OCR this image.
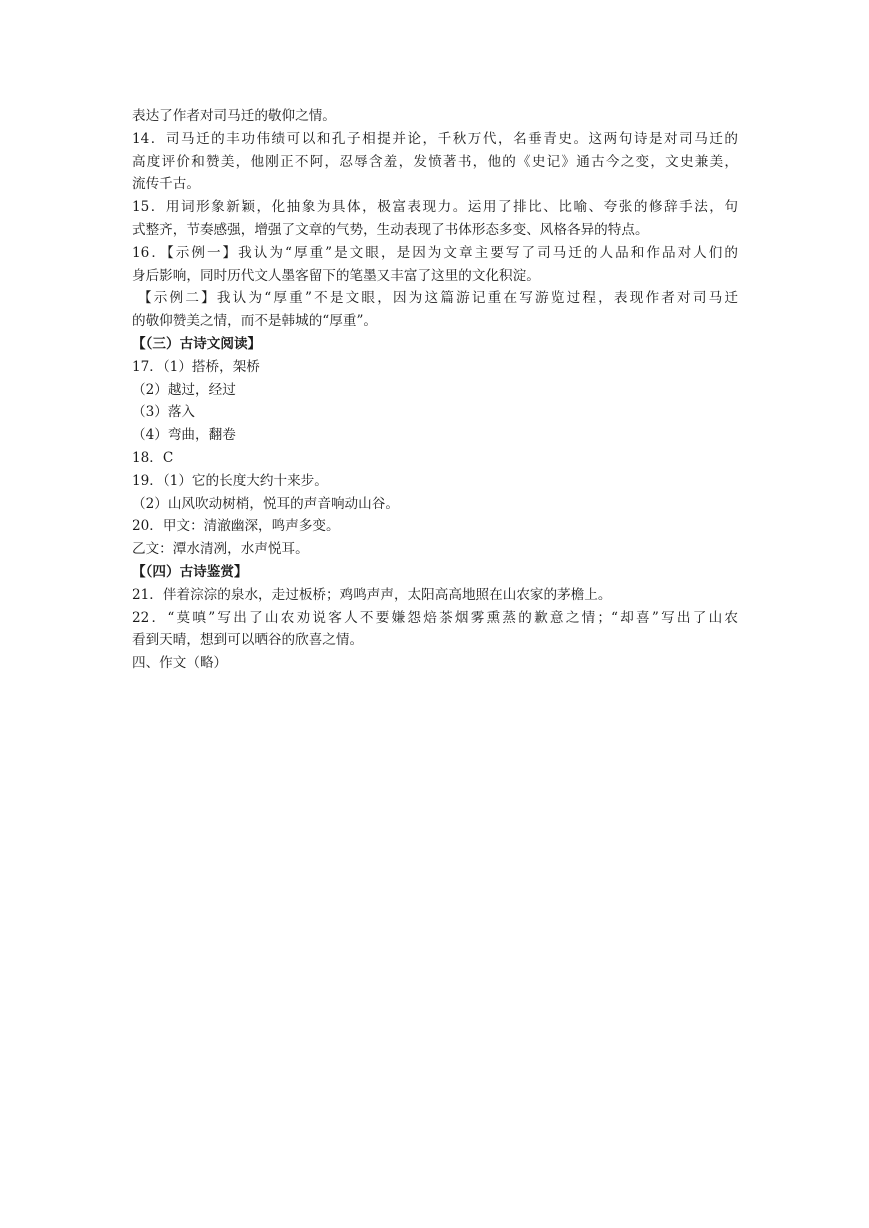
表达了作者对司马迁的敬仰之情。
14．司马迁的丰功伟绩可以和孔子相提并论，千秋万代，名垂青史。这两句诗是对司马迁的
高度评价和赞美，他刚正不阿，忍辱含羞，发愤著书，他的《史记》通古今之变，文史兼美，
流传千古。
15．用词形象新颖，化抽象为具体，极富表现力。运用了排比、比喻、夸张的修辞手法，句
式整齐，节奏感强，增强了文章的气势，生动表现了书体形态多变、风格各异的特点。
16．【示例一】我认为“厚重”是文眼，是因为文章主要写了司马迁的人品和作品对人们的
身后影响，同时历代文人墨客留下的笔墨又丰富了这里的文化积淀。
【示例二】我认为“厚重”不是文眼，因为这篇游记重在写游览过程，表现作者对司马迁
的敬仰赞美之情，而不是韩城的“厚重”。
【（三）古诗文阅读】
17．（1）搭桥，架桥
（2）越过，经过
（3）落入
（4）弯曲，翻卷
18．C
19．（1）它的长度大约十来步。
（2）山风吹动树梢，悦耳的声音响动山谷。
20．甲文：清澈幽深，鸣声多变。
乙文：潭水清冽，水声悦耳。
【（四）古诗鉴赏】
21．伴着淙淙的泉水，走过板桥；鸡鸣声声，太阳高高地照在山农家的茅檐上。
22．“莫嗔”写出了山农劝说客人不要嫌怨焙茶烟雾熏蒸的歉意之情；“却喜”写出了山农
看到天晴，想到可以晒谷的欣喜之情。
四、作文（略）
